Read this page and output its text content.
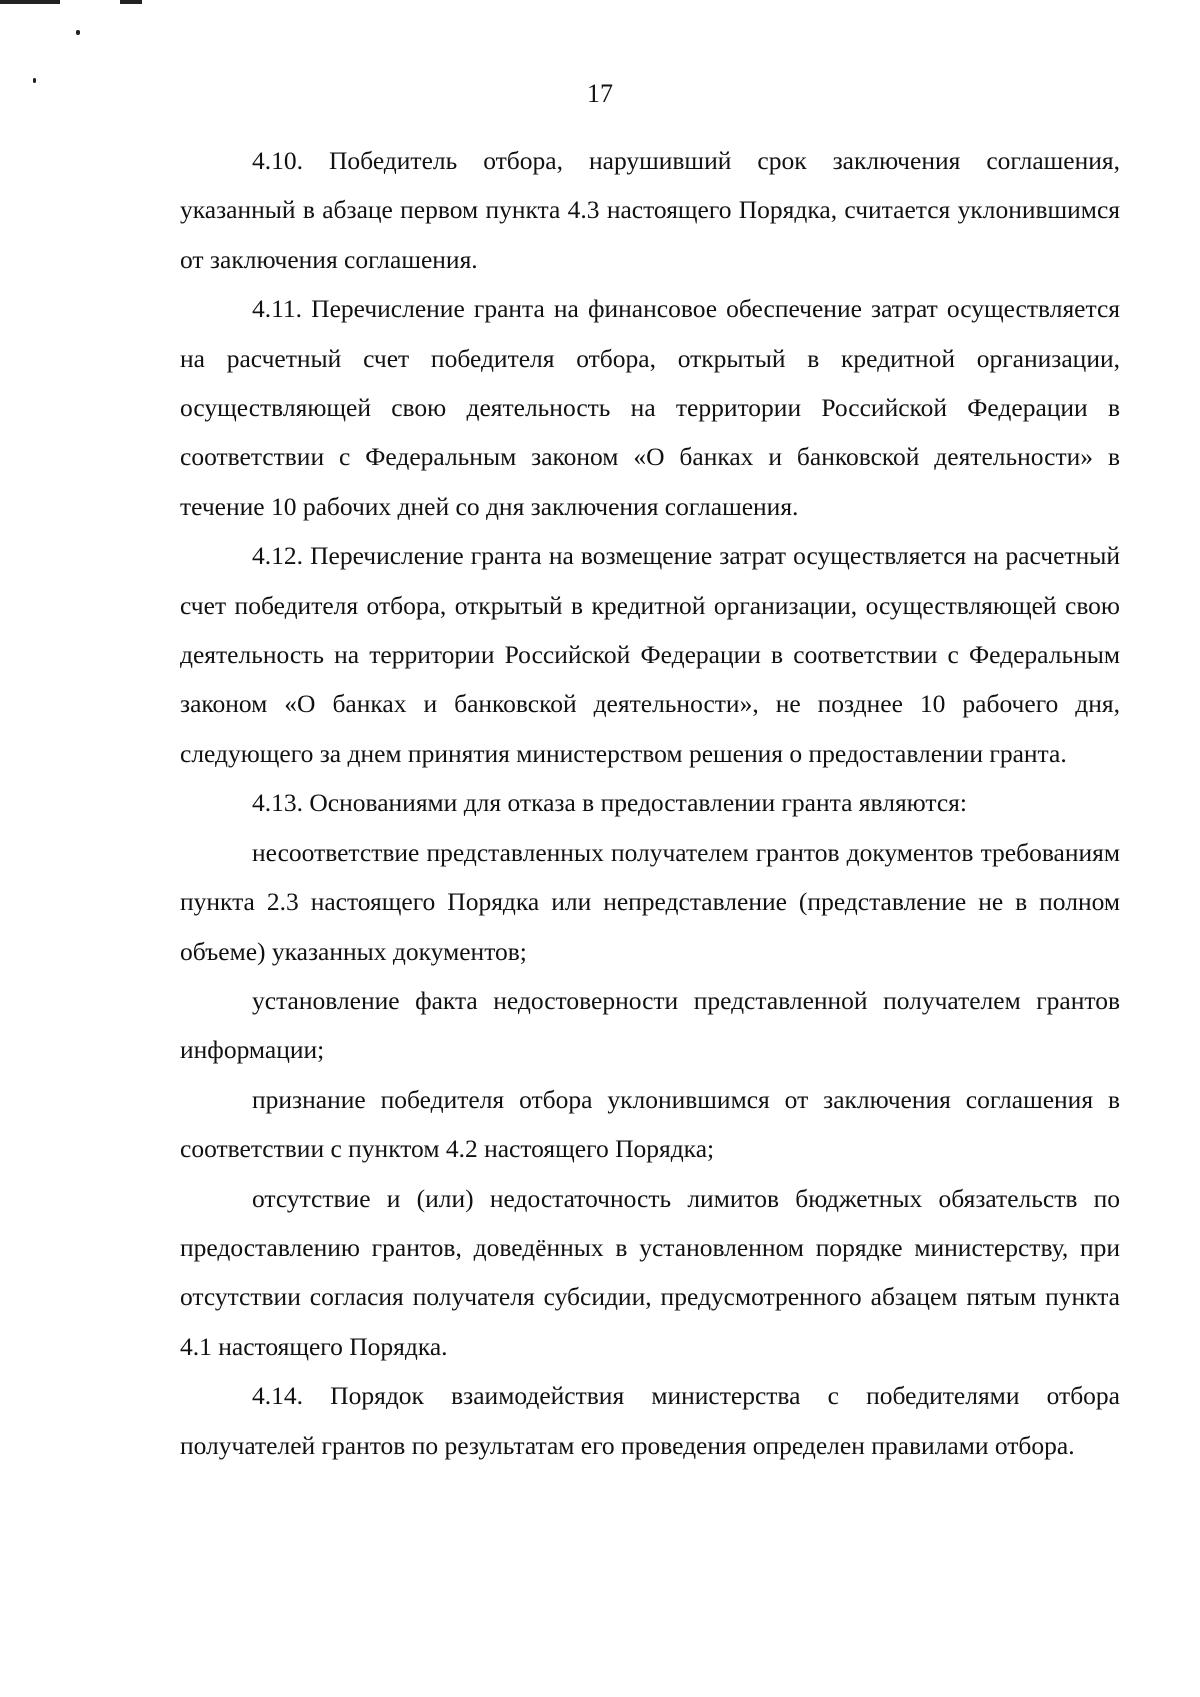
17

4.10. Победитель отбора, нарушивший срок заключения соглашения, указанный в абзаце первом пункта 4.3 настоящего Порядка, считается уклонившимся от заключения соглашения.

4.11. Перечисление гранта на финансовое обеспечение затрат осуществляется на расчетный счет победителя отбора, открытый в кредитной организации, осуществляющей свою деятельность на территории Российской Федерации в соответствии с Федеральным законом «О банках и банковской деятельности» в течение 10 рабочих дней со дня заключения соглашения.

4.12. Перечисление гранта на возмещение затрат осуществляется на расчетный счет победителя отбора, открытый в кредитной организации, осуществляющей свою деятельность на территории Российской Федерации в соответствии с Федеральным законом «О банках и банковской деятельности», не позднее 10 рабочего дня, следующего за днем принятия министерством решения о предоставлении гранта.

4.13. Основаниями для отказа в предоставлении гранта являются:

несоответствие представленных получателем грантов документов требованиям пункта 2.3 настоящего Порядка или непредставление (представление не в полном объеме) указанных документов;

установление факта недостоверности представленной получателем грантов информации;

признание победителя отбора уклонившимся от заключения соглашения в соответствии с пунктом 4.2 настоящего Порядка;

отсутствие и (или) недостаточность лимитов бюджетных обязательств по предоставлению грантов, доведённых в установленном порядке министерству, при отсутствии согласия получателя субсидии, предусмотренного абзацем пятым пункта 4.1 настоящего Порядка.

4.14. Порядок взаимодействия министерства с победителями отбора получателей грантов по результатам его проведения определен правилами отбора.
